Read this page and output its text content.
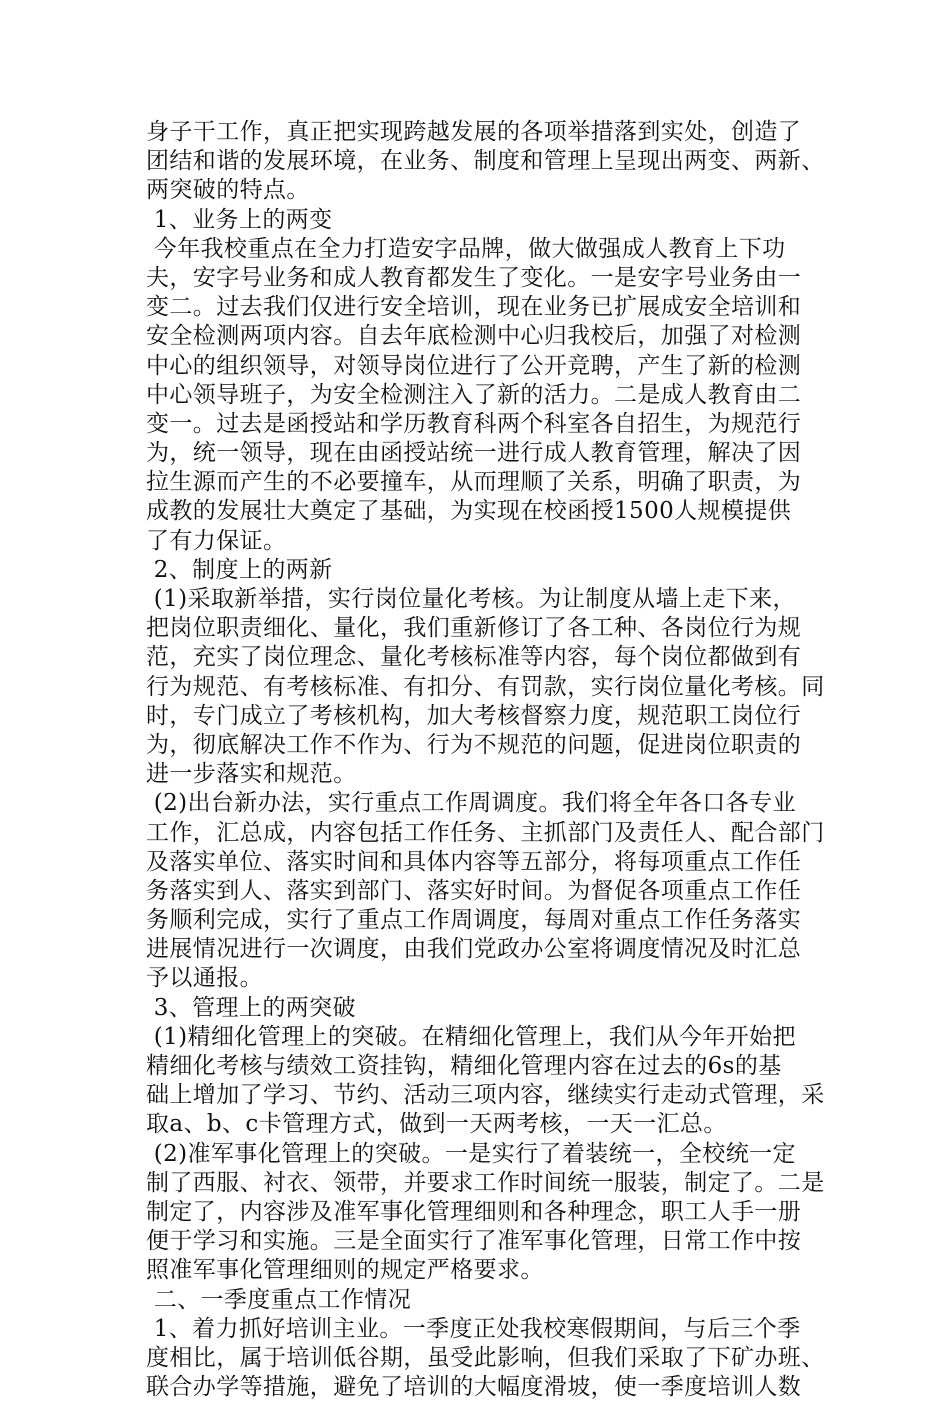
身子干工作，真正把实现跨越发展的各项举措落到实处，创造了
团结和谐的发展环境，在业务、制度和管理上呈现出两变、两新、
两突破的特点。
1、业务上的两变
今年我校重点在全力打造安字品牌，做大做强成人教育上下功
夫，安字号业务和成人教育都发生了变化。一是安字号业务由一
变二。过去我们仅进行安全培训，现在业务已扩展成安全培训和
安全检测两项内容。自去年底检测中心归我校后，加强了对检测
中心的组织领导，对领导岗位进行了公开竞聘，产生了新的检测
中心领导班子，为安全检测注入了新的活力。二是成人教育由二
变一。过去是函授站和学历教育科两个科室各自招生，为规范行
为，统一领导，现在由函授站统一进行成人教育管理，解决了因
拉生源而产生的不必要撞车，从而理顺了关系，明确了职责，为
成教的发展壮大奠定了基础，为实现在校函授1500人规模提供
了有力保证。
2、制度上的两新
(1)采取新举措，实行岗位量化考核。为让制度从墙上走下来，
把岗位职责细化、量化，我们重新修订了各工种、各岗位行为规
范，充实了岗位理念、量化考核标准等内容，每个岗位都做到有
行为规范、有考核标准、有扣分、有罚款，实行岗位量化考核。同
时，专门成立了考核机构，加大考核督察力度，规范职工岗位行
为，彻底解决工作不作为、行为不规范的问题，促进岗位职责的
进一步落实和规范。
(2)出台新办法，实行重点工作周调度。我们将全年各口各专业
工作，汇总成，内容包括工作任务、主抓部门及责任人、配合部门
及落实单位、落实时间和具体内容等五部分，将每项重点工作任
务落实到人、落实到部门、落实好时间。为督促各项重点工作任
务顺利完成，实行了重点工作周调度，每周对重点工作任务落实
进展情况进行一次调度，由我们党政办公室将调度情况及时汇总
予以通报。
3、管理上的两突破
(1)精细化管理上的突破。在精细化管理上，我们从今年开始把
精细化考核与绩效工资挂钩，精细化管理内容在过去的6s的基
础上增加了学习、节约、活动三项内容，继续实行走动式管理，采
取a、b、c卡管理方式，做到一天两考核，一天一汇总。
(2)准军事化管理上的突破。一是实行了着装统一，全校统一定
制了西服、衬衣、领带，并要求工作时间统一服装，制定了。二是
制定了，内容涉及准军事化管理细则和各种理念，职工人手一册
便于学习和实施。三是全面实行了准军事化管理，日常工作中按
照准军事化管理细则的规定严格要求。
二、一季度重点工作情况
1、着力抓好培训主业。一季度正处我校寒假期间，与后三个季
度相比，属于培训低谷期，虽受此影响，但我们采取了下矿办班、
联合办学等措施，避免了培训的大幅度滑坡，使一季度培训人数
